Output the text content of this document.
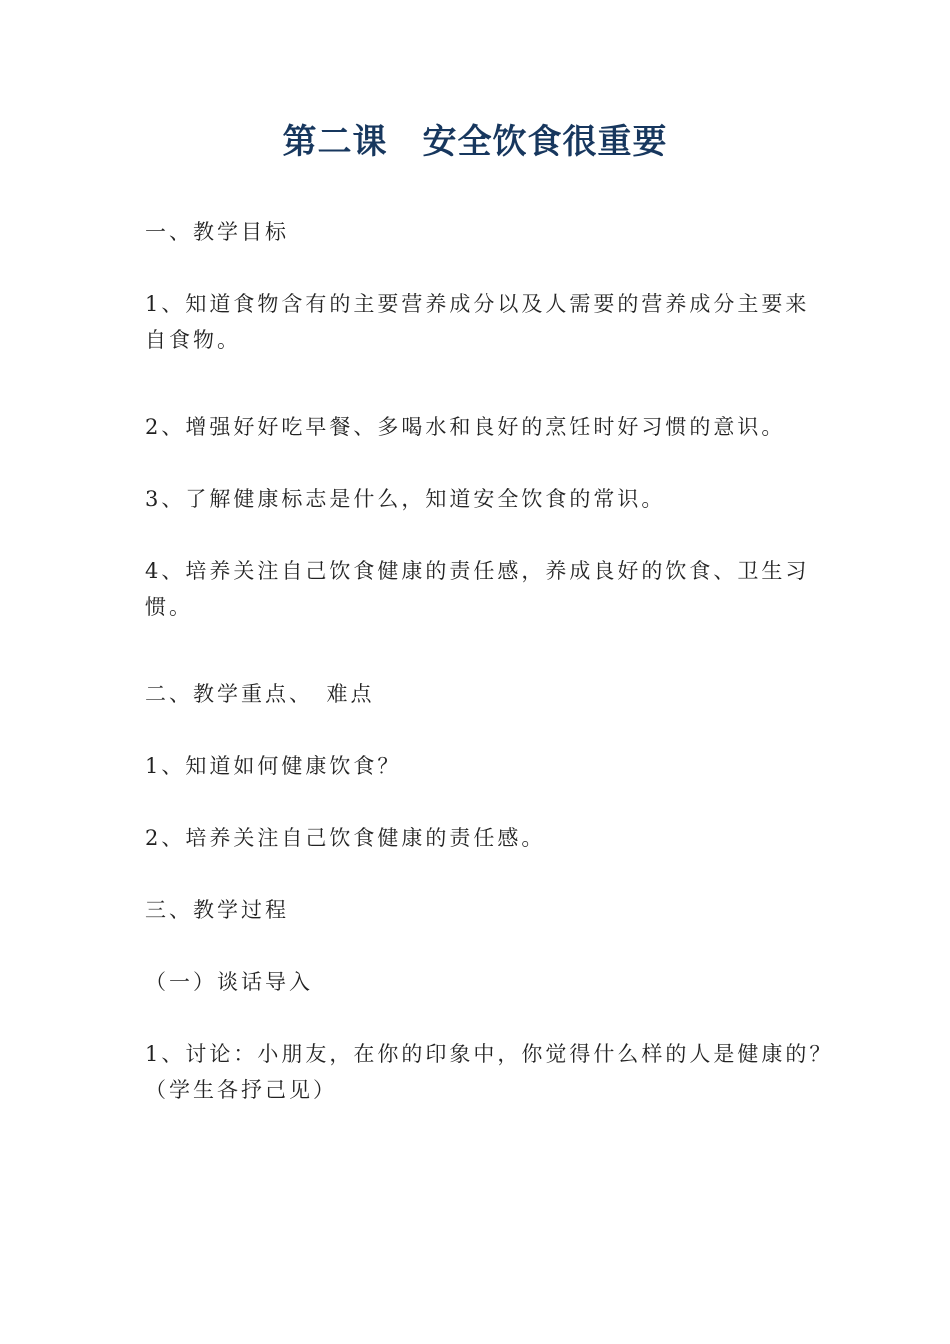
第二课　安全饮食很重要

一、教学目标

1、知道食物含有的主要营养成分以及人需要的营养成分主要来
自食物。

2、增强好好吃早餐、多喝水和良好的烹饪时好习惯的意识。

3、了解健康标志是什么，知道安全饮食的常识。

4、培养关注自己饮食健康的责任感，养成良好的饮食、卫生习
惯。

二、教学重点、　难点

1、知道如何健康饮食？

2、培养关注自己饮食健康的责任感。

三、教学过程

（一）谈话导入

1、讨论：小朋友，在你的印象中，你觉得什么样的人是健康的？
（学生各抒己见）
